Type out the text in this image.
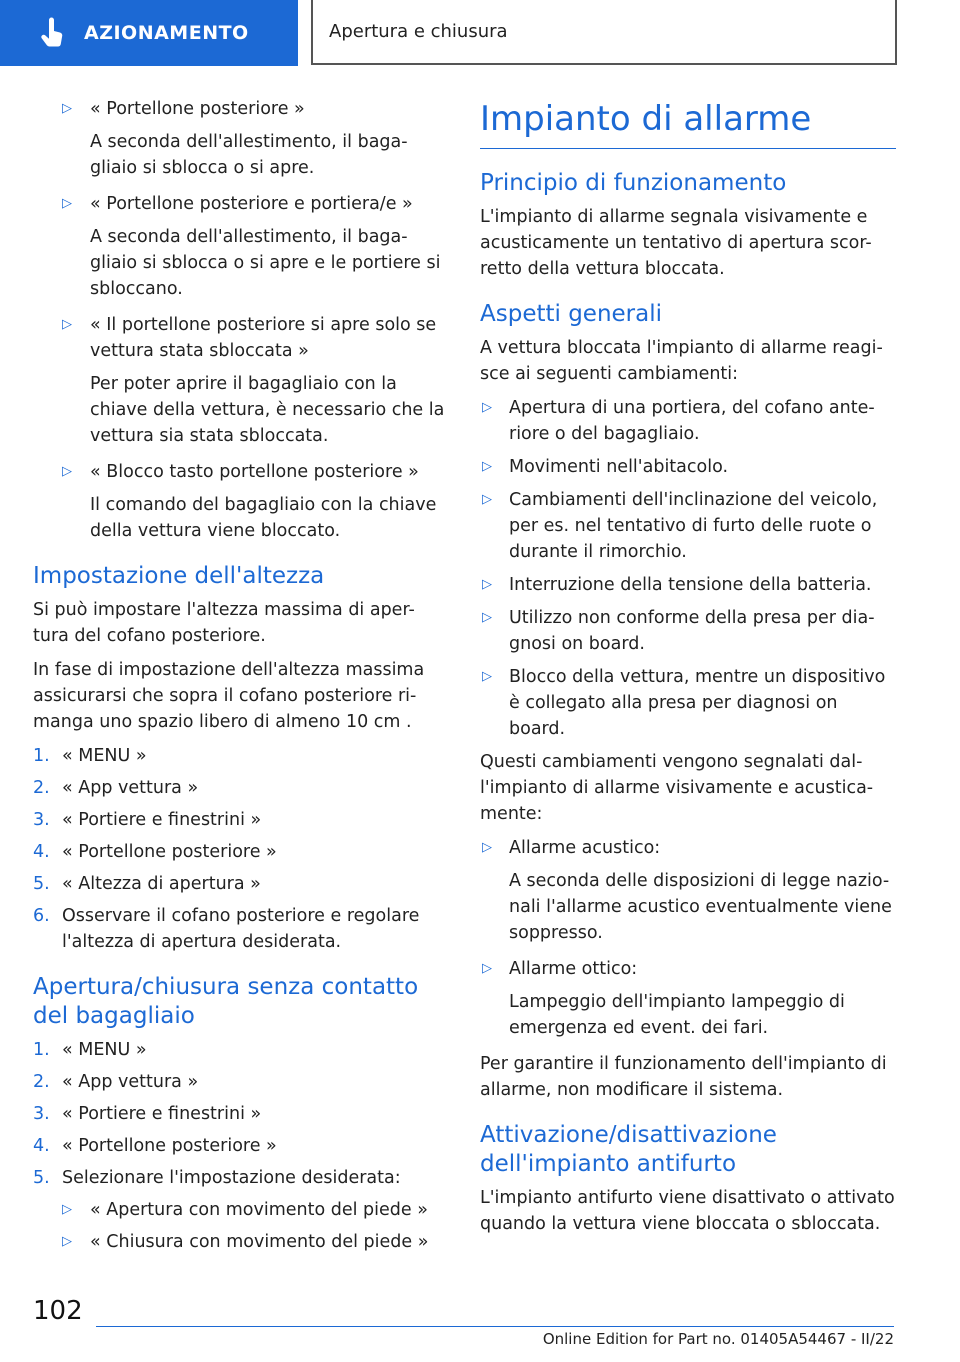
AZIONAMENTO	Apertura e chiusura
▷ « Portellone posteriore »
A seconda dell'allestimento, il baga-gliaio si sblocca o si apre.
▷ « Portellone posteriore e portiera/e »
A seconda dell'allestimento, il baga-gliaio si sblocca o si apre e le portiere si sbloccano.
▷ « Il portellone posteriore si apre solo se vettura stata sbloccata »
Per poter aprire il bagagliaio con la chiave della vettura, è necessario che la vettura sia stata sbloccata.
▷ « Blocco tasto portellone posteriore »
Il comando del bagagliaio con la chiave della vettura viene bloccato.
Impostazione dell'altezza

Si può impostare l'altezza massima di aper-tura del cofano posteriore.

In fase di impostazione dell'altezza massima assicurarsi che sopra il cofano posteriore ri-manga uno spazio libero di almeno 10 cm .

1. « MENU »
2. « App vettura »
3. « Portiere e finestrini »
4. « Portellone posteriore »
5. « Altezza di apertura »
6. Osservare il cofano posteriore e regolare l'altezza di apertura desiderata.
Apertura/chiusura senza contatto del bagagliaio
1. « MENU »
2. « App vettura »
3. « Portiere e finestrini »
4. « Portellone posteriore »
5. Selezionare l'impostazione desiderata:
▷ « Apertura con movimento del piede »
▷ « Chiusura con movimento del piede »
Impianto di allarme
Principio di funzionamento

L'impianto di allarme segnala visivamente e acusticamente un tentativo di apertura scor-retto della vettura bloccata.

Aspetti generali

A vettura bloccata l'impianto di allarme reagi-sce ai seguenti cambiamenti:

▷ Apertura di una portiera, del cofano ante-riore o del bagagliaio.
▷ Movimenti nell'abitacolo.
▷ Cambiamenti dell'inclinazione del veicolo, per es. nel tentativo di furto delle ruote o durante il rimorchio.
▷ Interruzione della tensione della batteria.
▷ Utilizzo non conforme della presa per dia-gnosi on board.
▷ Blocco della vettura, mentre un dispositivo è collegato alla presa per diagnosi on board.

Questi cambiamenti vengono segnalati dal-l'impianto di allarme visivamente e acustica-mente:

▷ Allarme acustico:
A seconda delle disposizioni di legge nazio-nali l'allarme acustico eventualmente viene soppresso.
▷ Allarme ottico:
Lampeggio dell'impianto lampeggio di emergenza ed event. dei fari.

Per garantire il funzionamento dell'impianto di allarme, non modificare il sistema.

Attivazione/disattivazione dell'impianto antifurto

L'impianto antifurto viene disattivato o attivato quando la vettura viene bloccata o sbloccata.

102
Online Edition for Part no. 01405A54467 - II/22
